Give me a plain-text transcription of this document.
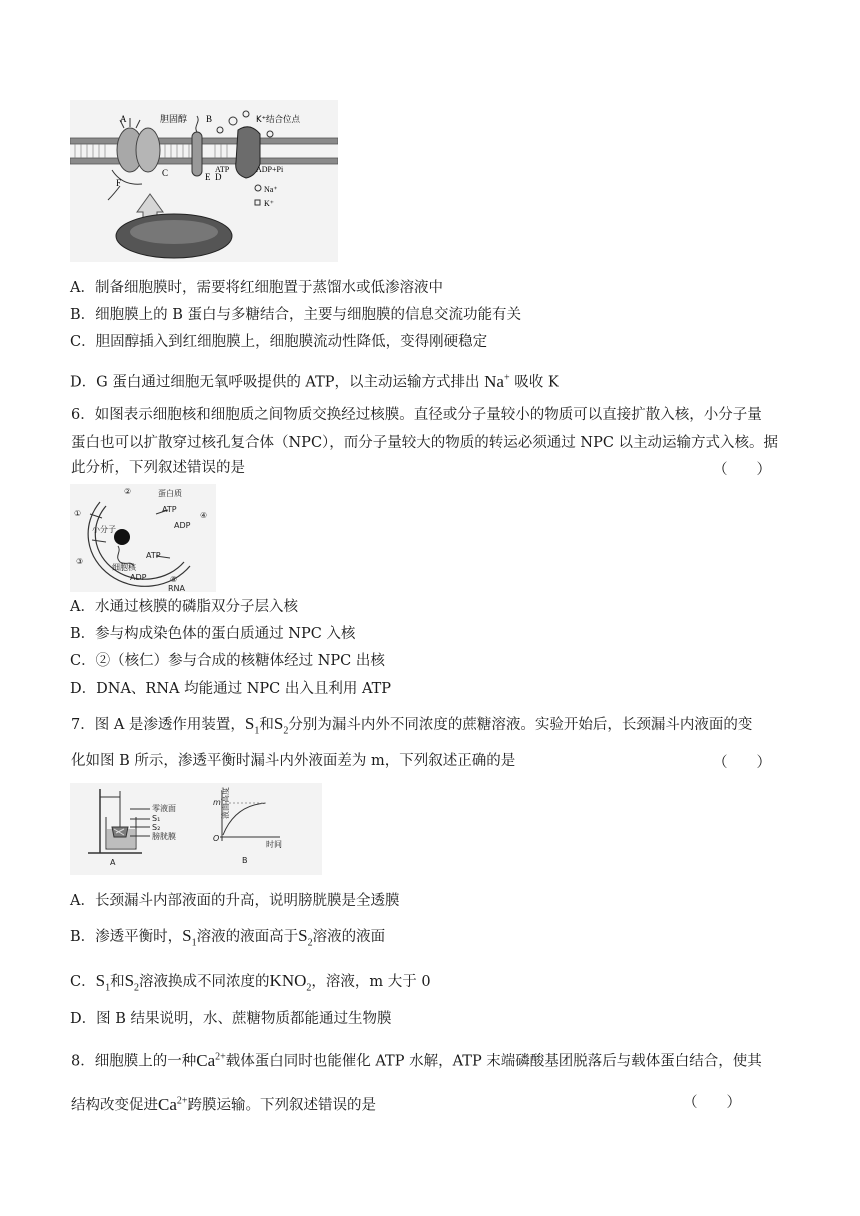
A	胆固醇 B	K⁺结合位点
C	E D
F
ATP	ADP+Pi
Na⁺
K⁺
A．制备细胞膜时，需要将红细胞置于蒸馏水或低渗溶液中
B．细胞膜上的 B 蛋白与多糖结合，主要与细胞膜的信息交流功能有关
C．胆固醇插入到红细胞膜上，细胞膜流动性降低，变得刚硬稳定
D．G 蛋白通过细胞无氧呼吸提供的 ATP，以主动运输方式排出 Na+ 吸收 K
6．如图表示细胞核和细胞质之间物质交换经过核膜。直径或分子量较小的物质可以直接扩散入核，小分子量
蛋白也可以扩散穿过核孔复合体（NPC），而分子量较大的物质的转运必须通过 NPC 以主动运输方式入核。据
此分析，下列叙述错误的是	（　　）
②	蛋白质
①	ATP
④
ADP
小分子
③
ATP
细胞核
ADP	⑤
RNA
A．水通过核膜的磷脂双分子层入核
B．参与构成染色体的蛋白质通过 NPC 入核
C．②（核仁）参与合成的核糖体经过 NPC 出核
D．DNA、RNA 均能通过 NPC 出入且利用 ATP
7．图 A 是渗透作用装置，$S_1$和$S_2$分别为漏斗内外不同浓度的蔗糖溶液。实验开始后，长颈漏斗内液面的变
化如图 B 所示，渗透平衡时漏斗内外液面差为 m，下列叙述正确的是	（　　）
零液面
S₁
S₂
膀胱膜
A
液面高度
m
O
时间
B
A．长颈漏斗内部液面的升高，说明膀胱膜是全透膜
B．渗透平衡时，$S_1$溶液的液面高于$S_2$溶液的液面
C．$S_1$和$S_2$溶液换成不同浓度的$KNO_2$，溶液，m 大于 0
D．图 B 结果说明，水、蔗糖物质都能通过生物膜
8．细胞膜上的一种$Ca^{2+}$载体蛋白同时也能催化 ATP 水解，ATP 末端磷酸基团脱落后与载体蛋白结合，使其
结构改变促进$Ca^{2+}$跨膜运输。下列叙述错误的是	（　　）
